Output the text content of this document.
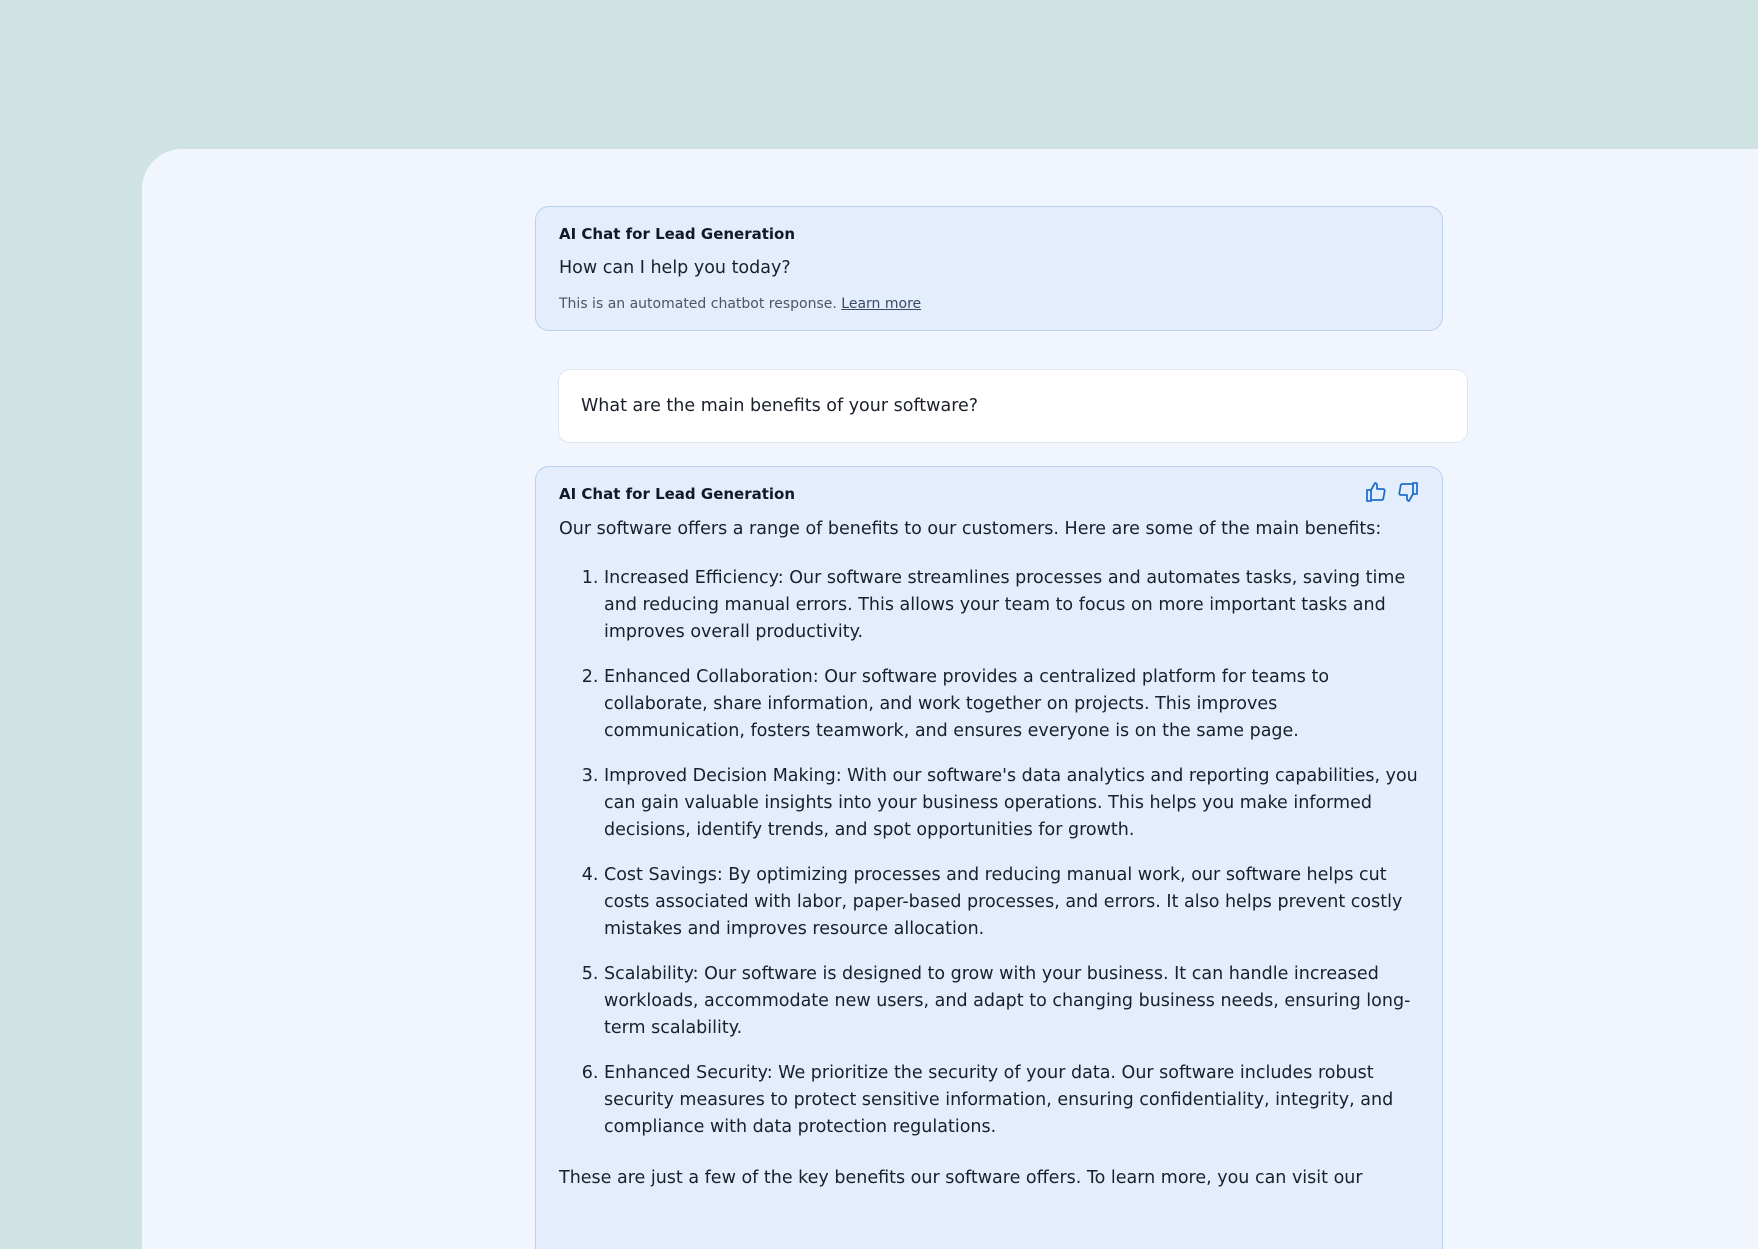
AI Chat for Lead Generation

How can I help you today?

This is an automated chatbot response. Learn more

What are the main benefits of your software?

AI Chat for Lead Generation

Our software offers a range of benefits to our customers. Here are some of the main benefits:

1. Increased Efficiency: Our software streamlines processes and automates tasks, saving time and reducing manual errors. This allows your team to focus on more important tasks and improves overall productivity.
2. Enhanced Collaboration: Our software provides a centralized platform for teams to collaborate, share information, and work together on projects. This improves communication, fosters teamwork, and ensures everyone is on the same page.
3. Improved Decision Making: With our software's data analytics and reporting capabilities, you can gain valuable insights into your business operations. This helps you make informed decisions, identify trends, and spot opportunities for growth.
4. Cost Savings: By optimizing processes and reducing manual work, our software helps cut costs associated with labor, paper-based processes, and errors. It also helps prevent costly mistakes and improves resource allocation.
5. Scalability: Our software is designed to grow with your business. It can handle increased workloads, accommodate new users, and adapt to changing business needs, ensuring long-term scalability.
6. Enhanced Security: We prioritize the security of your data. Our software includes robust security measures to protect sensitive information, ensuring confidentiality, integrity, and compliance with data protection regulations.

These are just a few of the key benefits our software offers. To learn more, you can visit our
